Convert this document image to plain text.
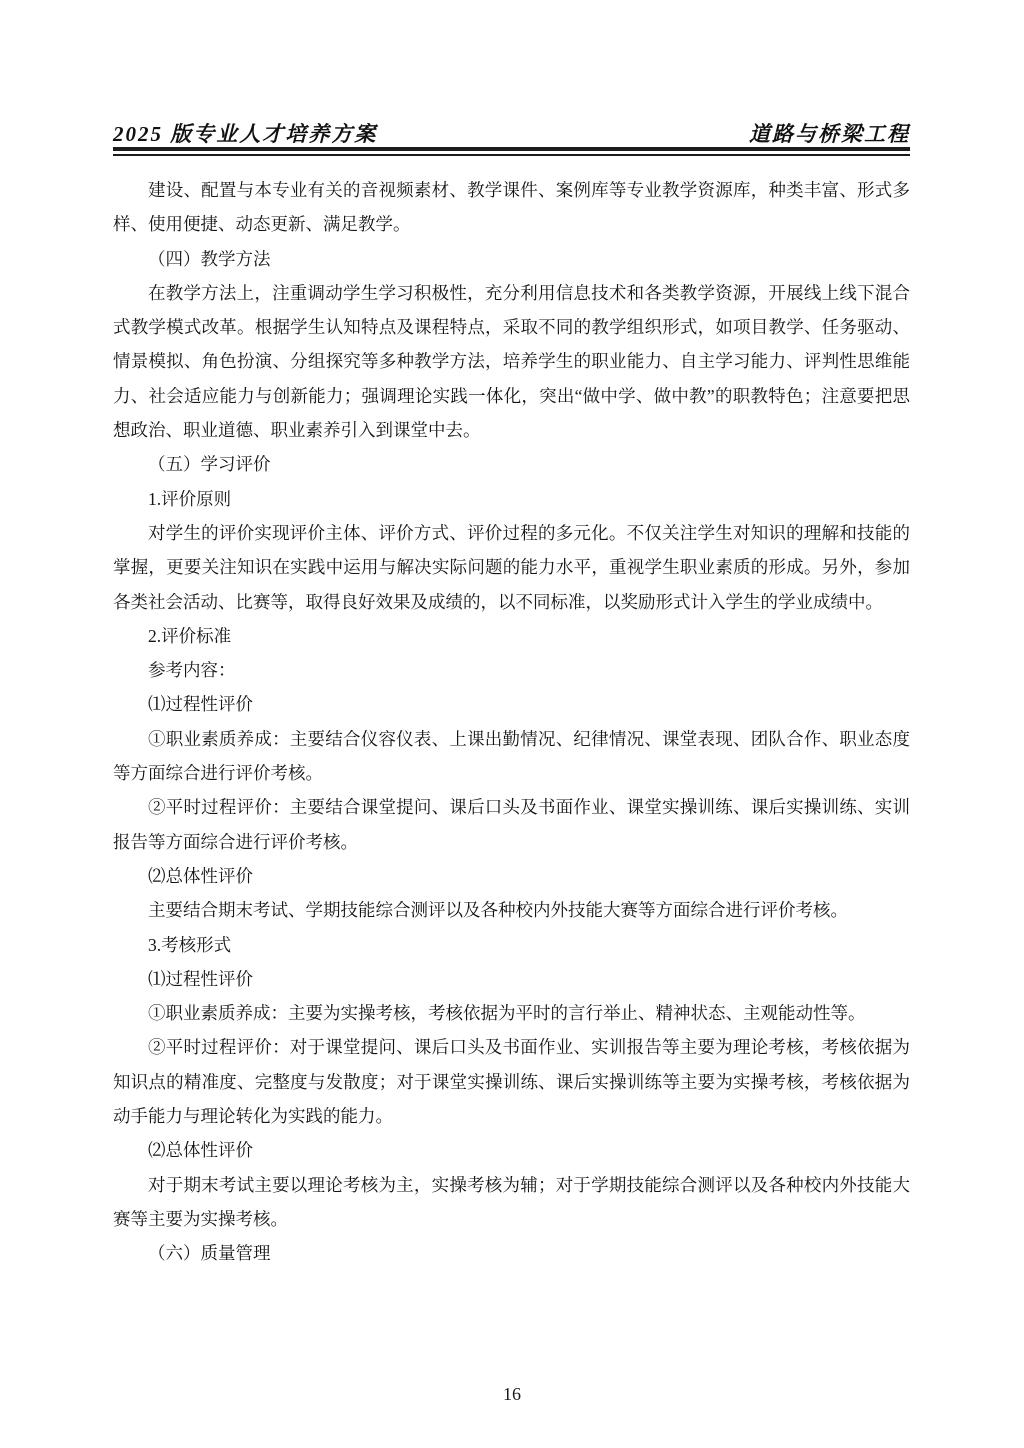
2025 版专业人才培养方案	道路与桥梁工程

建设、配置与本专业有关的音视频素材、教学课件、案例库等专业教学资源库，种类丰富、形式多样、使用便捷、动态更新、满足教学。

（四）教学方法

在教学方法上，注重调动学生学习积极性，充分利用信息技术和各类教学资源，开展线上线下混合式教学模式改革。根据学生认知特点及课程特点，采取不同的教学组织形式，如项目教学、任务驱动、情景模拟、角色扮演、分组探究等多种教学方法，培养学生的职业能力、自主学习能力、评判性思维能力、社会适应能力与创新能力；强调理论实践一体化，突出“做中学、做中教”的职教特色；注意要把思想政治、职业道德、职业素养引入到课堂中去。

（五）学习评价

1.评价原则

对学生的评价实现评价主体、评价方式、评价过程的多元化。不仅关注学生对知识的理解和技能的掌握，更要关注知识在实践中运用与解决实际问题的能力水平，重视学生职业素质的形成。另外，参加各类社会活动、比赛等，取得良好效果及成绩的，以不同标准，以奖励形式计入学生的学业成绩中。

2.评价标准

参考内容：

⑴过程性评价

①职业素质养成：主要结合仪容仪表、上课出勤情况、纪律情况、课堂表现、团队合作、职业态度等方面综合进行评价考核。

②平时过程评价：主要结合课堂提问、课后口头及书面作业、课堂实操训练、课后实操训练、实训报告等方面综合进行评价考核。

⑵总体性评价

主要结合期末考试、学期技能综合测评以及各种校内外技能大赛等方面综合进行评价考核。

3.考核形式

⑴过程性评价

①职业素质养成：主要为实操考核，考核依据为平时的言行举止、精神状态、主观能动性等。

②平时过程评价：对于课堂提问、课后口头及书面作业、实训报告等主要为理论考核，考核依据为知识点的精准度、完整度与发散度；对于课堂实操训练、课后实操训练等主要为实操考核，考核依据为动手能力与理论转化为实践的能力。

⑵总体性评价

对于期末考试主要以理论考核为主，实操考核为辅；对于学期技能综合测评以及各种校内外技能大赛等主要为实操考核。

（六）质量管理

16
